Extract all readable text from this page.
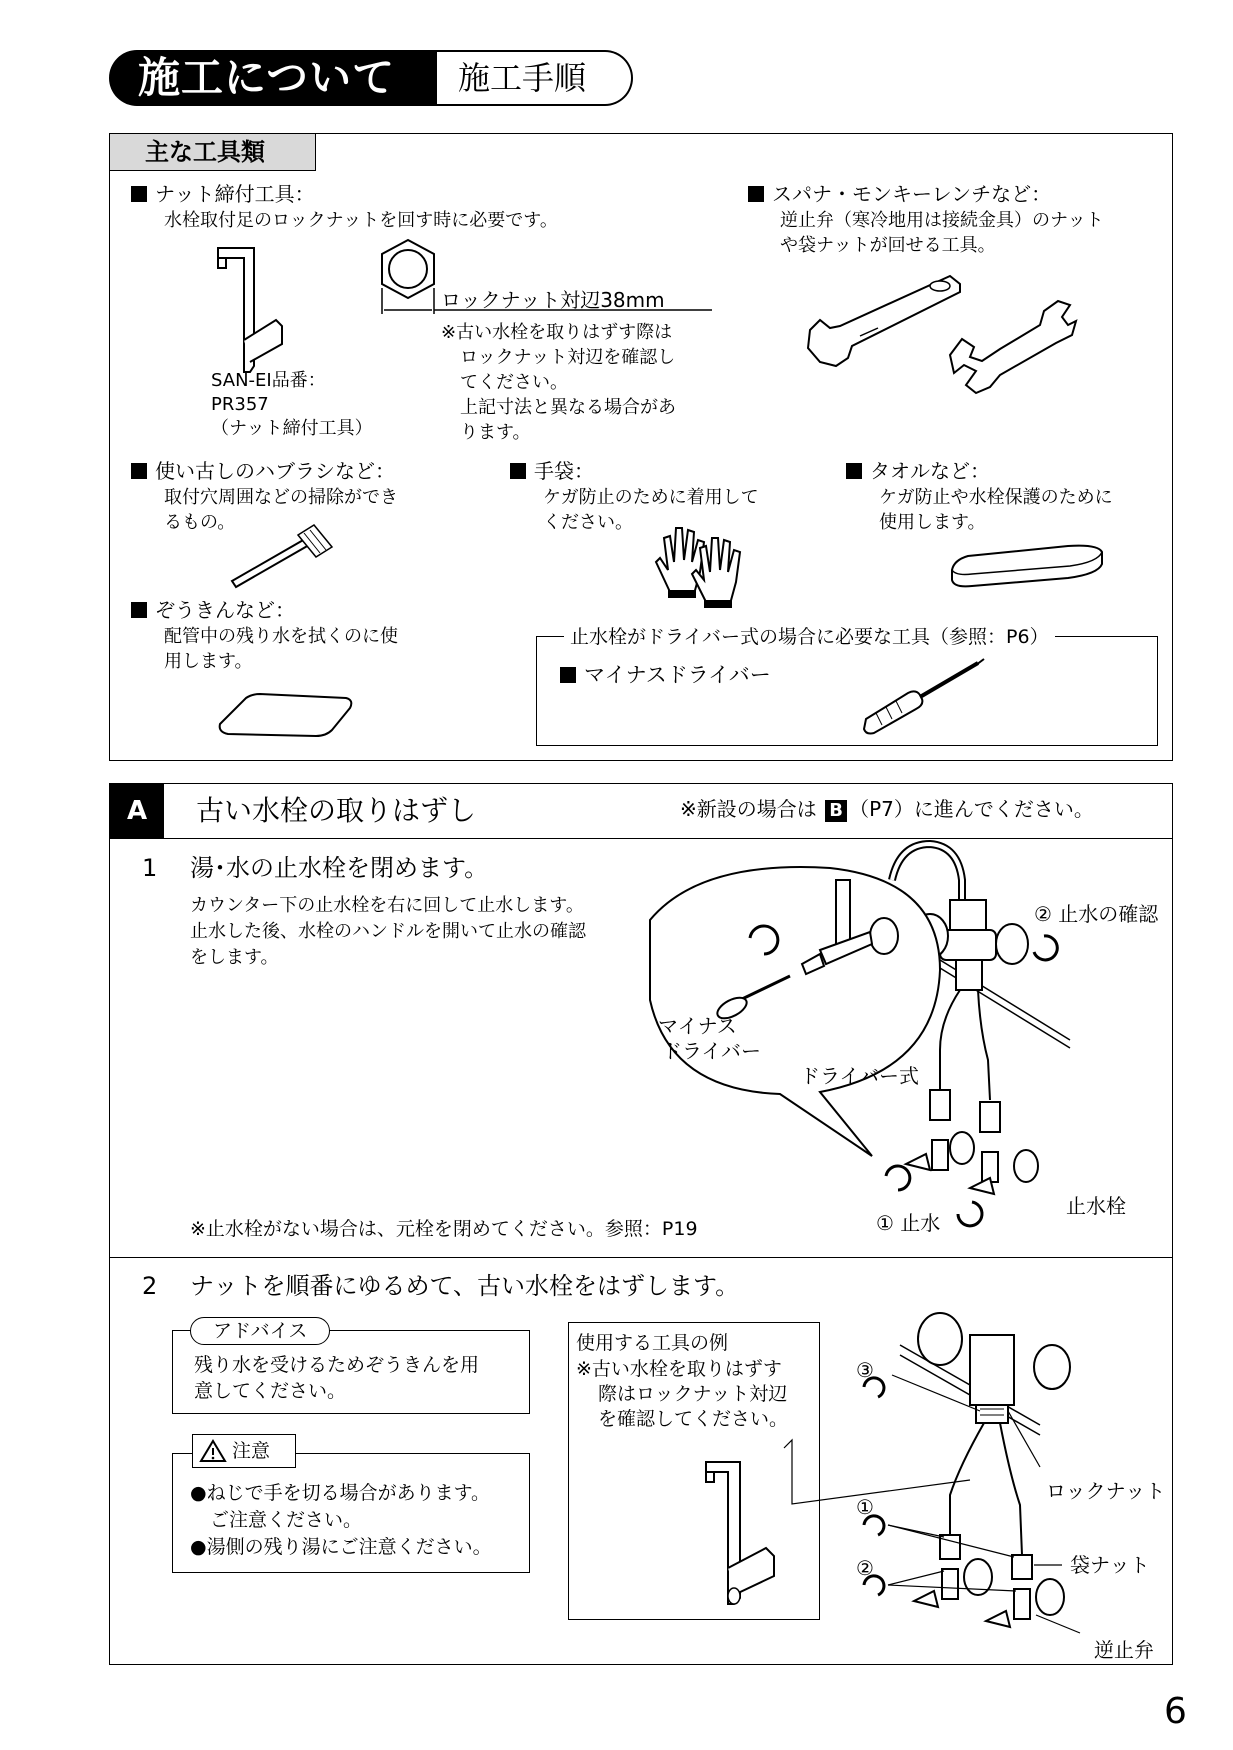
施工について 施工手順
主な工具類
ナット締付工具：
水栓取付足のロックナットを回す時に必要です。
SAN-EI品番：
PR357
（ナット締付工具）
ロックナット対辺38mm
※古い水栓を取りはずす際は
ロックナット対辺を確認し
てください。
上記寸法と異なる場合があ
ります。
スパナ・モンキーレンチなど：
逆止弁（寒冷地用は接続金具）のナット
や袋ナットが回せる工具。
使い古しのハブラシなど：
取付穴周囲などの掃除ができ
るもの。
手袋：
ケガ防止のために着用して
ください。
タオルなど：
ケガ防止や水栓保護のために
使用します。
ぞうきんなど：
配管中の残り水を拭くのに使
用します。
止水栓がドライバー式の場合に必要な工具（参照：P6）
マイナスドライバー
A	古い水栓の取りはずし	※新設の場合は B （P7）に進んでください。
1 湯･水の止水栓を閉めます。
カウンター下の止水栓を右に回して止水します。
止水した後、水栓のハンドルを開いて止水の確認
をします。
② 止水の確認
マイナス
ドライバー
ドライバー式
① 止水
止水栓
※止水栓がない場合は、元栓を閉めてください。参照：P19
2 ナットを順番にゆるめて、古い水栓をはずします。
アドバイス
残り水を受けるためぞうきんを用
意してください。
注意
●ねじで手を切る場合があります。
ご注意ください。
●湯側の残り湯にご注意ください。
使用する工具の例
※古い水栓を取りはずす
際はロックナット対辺
を確認してください。
③
①
②
ロックナット
袋ナット
逆止弁
6
